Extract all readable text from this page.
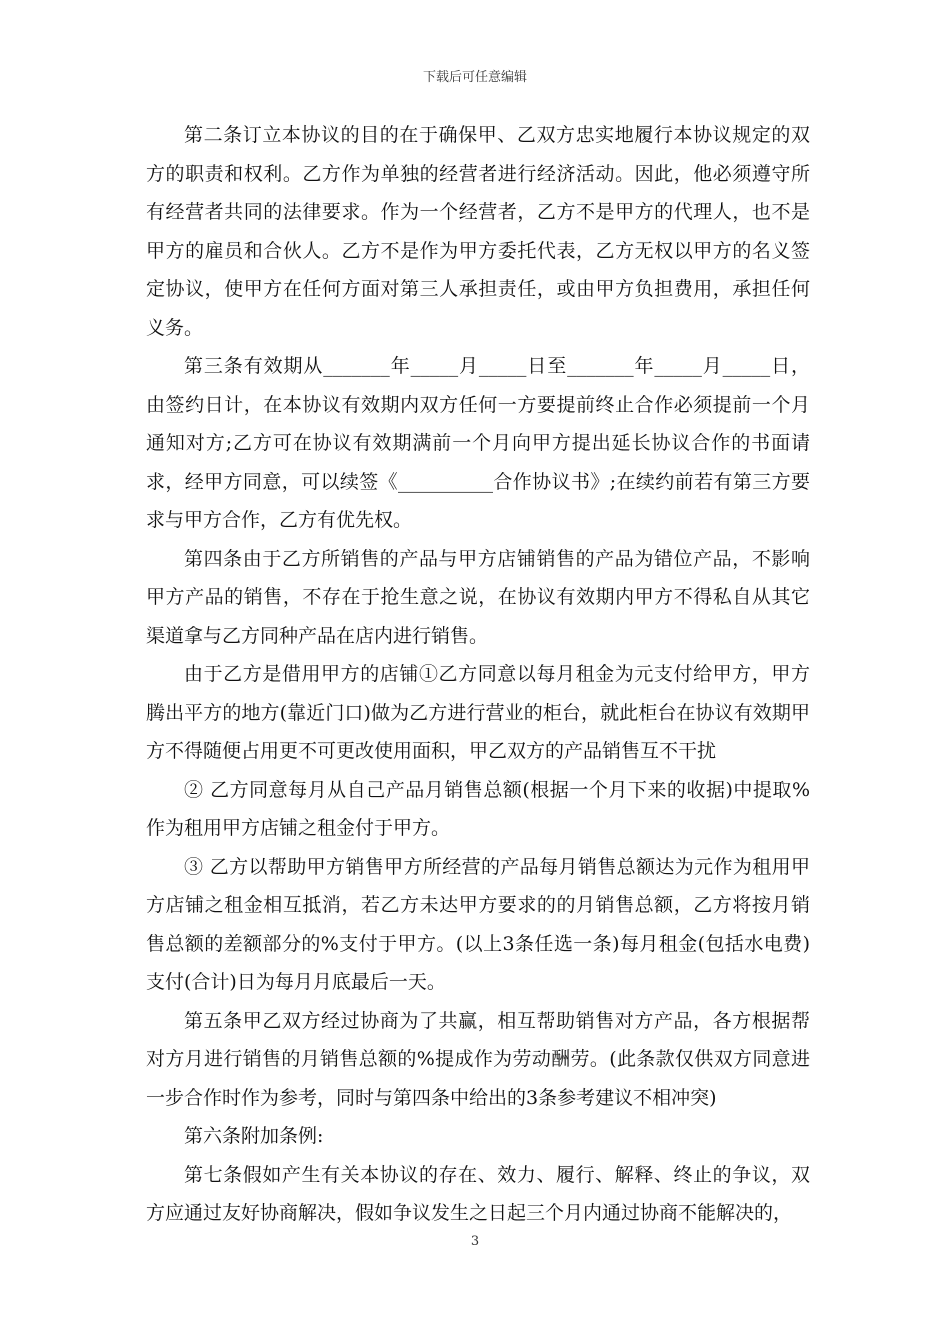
下载后可任意编辑

第二条订立本协议的目的在于确保甲、乙双方忠实地履行本协议规定的双方的职责和权利。乙方作为单独的经营者进行经济活动。因此，他必须遵守所有经营者共同的法律要求。作为一个经营者，乙方不是甲方的代理人，也不是甲方的雇员和合伙人。乙方不是作为甲方委托代表，乙方无权以甲方的名义签定协议，使甲方在任何方面对第三人承担责任，或由甲方负担费用，承担任何义务。

第三条有效期从_______年_____月_____日至_______年_____月_____日，由签约日计，在本协议有效期内双方任何一方要提前终止合作必须提前一个月通知对方;乙方可在协议有效期满前一个月向甲方提出延长协议合作的书面请求，经甲方同意，可以续签《__________合作协议书》;在续约前若有第三方要求与甲方合作，乙方有优先权。

第四条由于乙方所销售的产品与甲方店铺销售的产品为错位产品，不影响甲方产品的销售，不存在于抢生意之说，在协议有效期内甲方不得私自从其它渠道拿与乙方同种产品在店内进行销售。

由于乙方是借用甲方的店铺①乙方同意以每月租金为元支付给甲方，甲方腾出平方的地方(靠近门口)做为乙方进行营业的柜台，就此柜台在协议有效期甲方不得随便占用更不可更改使用面积，甲乙双方的产品销售互不干扰

② 乙方同意每月从自己产品月销售总额(根据一个月下来的收据)中提取%作为租用甲方店铺之租金付于甲方。

③ 乙方以帮助甲方销售甲方所经营的产品每月销售总额达为元作为租用甲方店铺之租金相互抵消，若乙方未达甲方要求的的月销售总额，乙方将按月销售总额的差额部分的%支付于甲方。(以上3条任选一条)每月租金(包括水电费)支付(合计)日为每月月底最后一天。

第五条甲乙双方经过协商为了共赢，相互帮助销售对方产品，各方根据帮对方月进行销售的月销售总额的%提成作为劳动酬劳。(此条款仅供双方同意进一步合作时作为参考，同时与第四条中给出的3条参考建议不相冲突)

第六条附加条例:

第七条假如产生有关本协议的存在、效力、履行、解释、终止的争议，双方应通过友好协商解决，假如争议发生之日起三个月内通过协商不能解决的，

3
